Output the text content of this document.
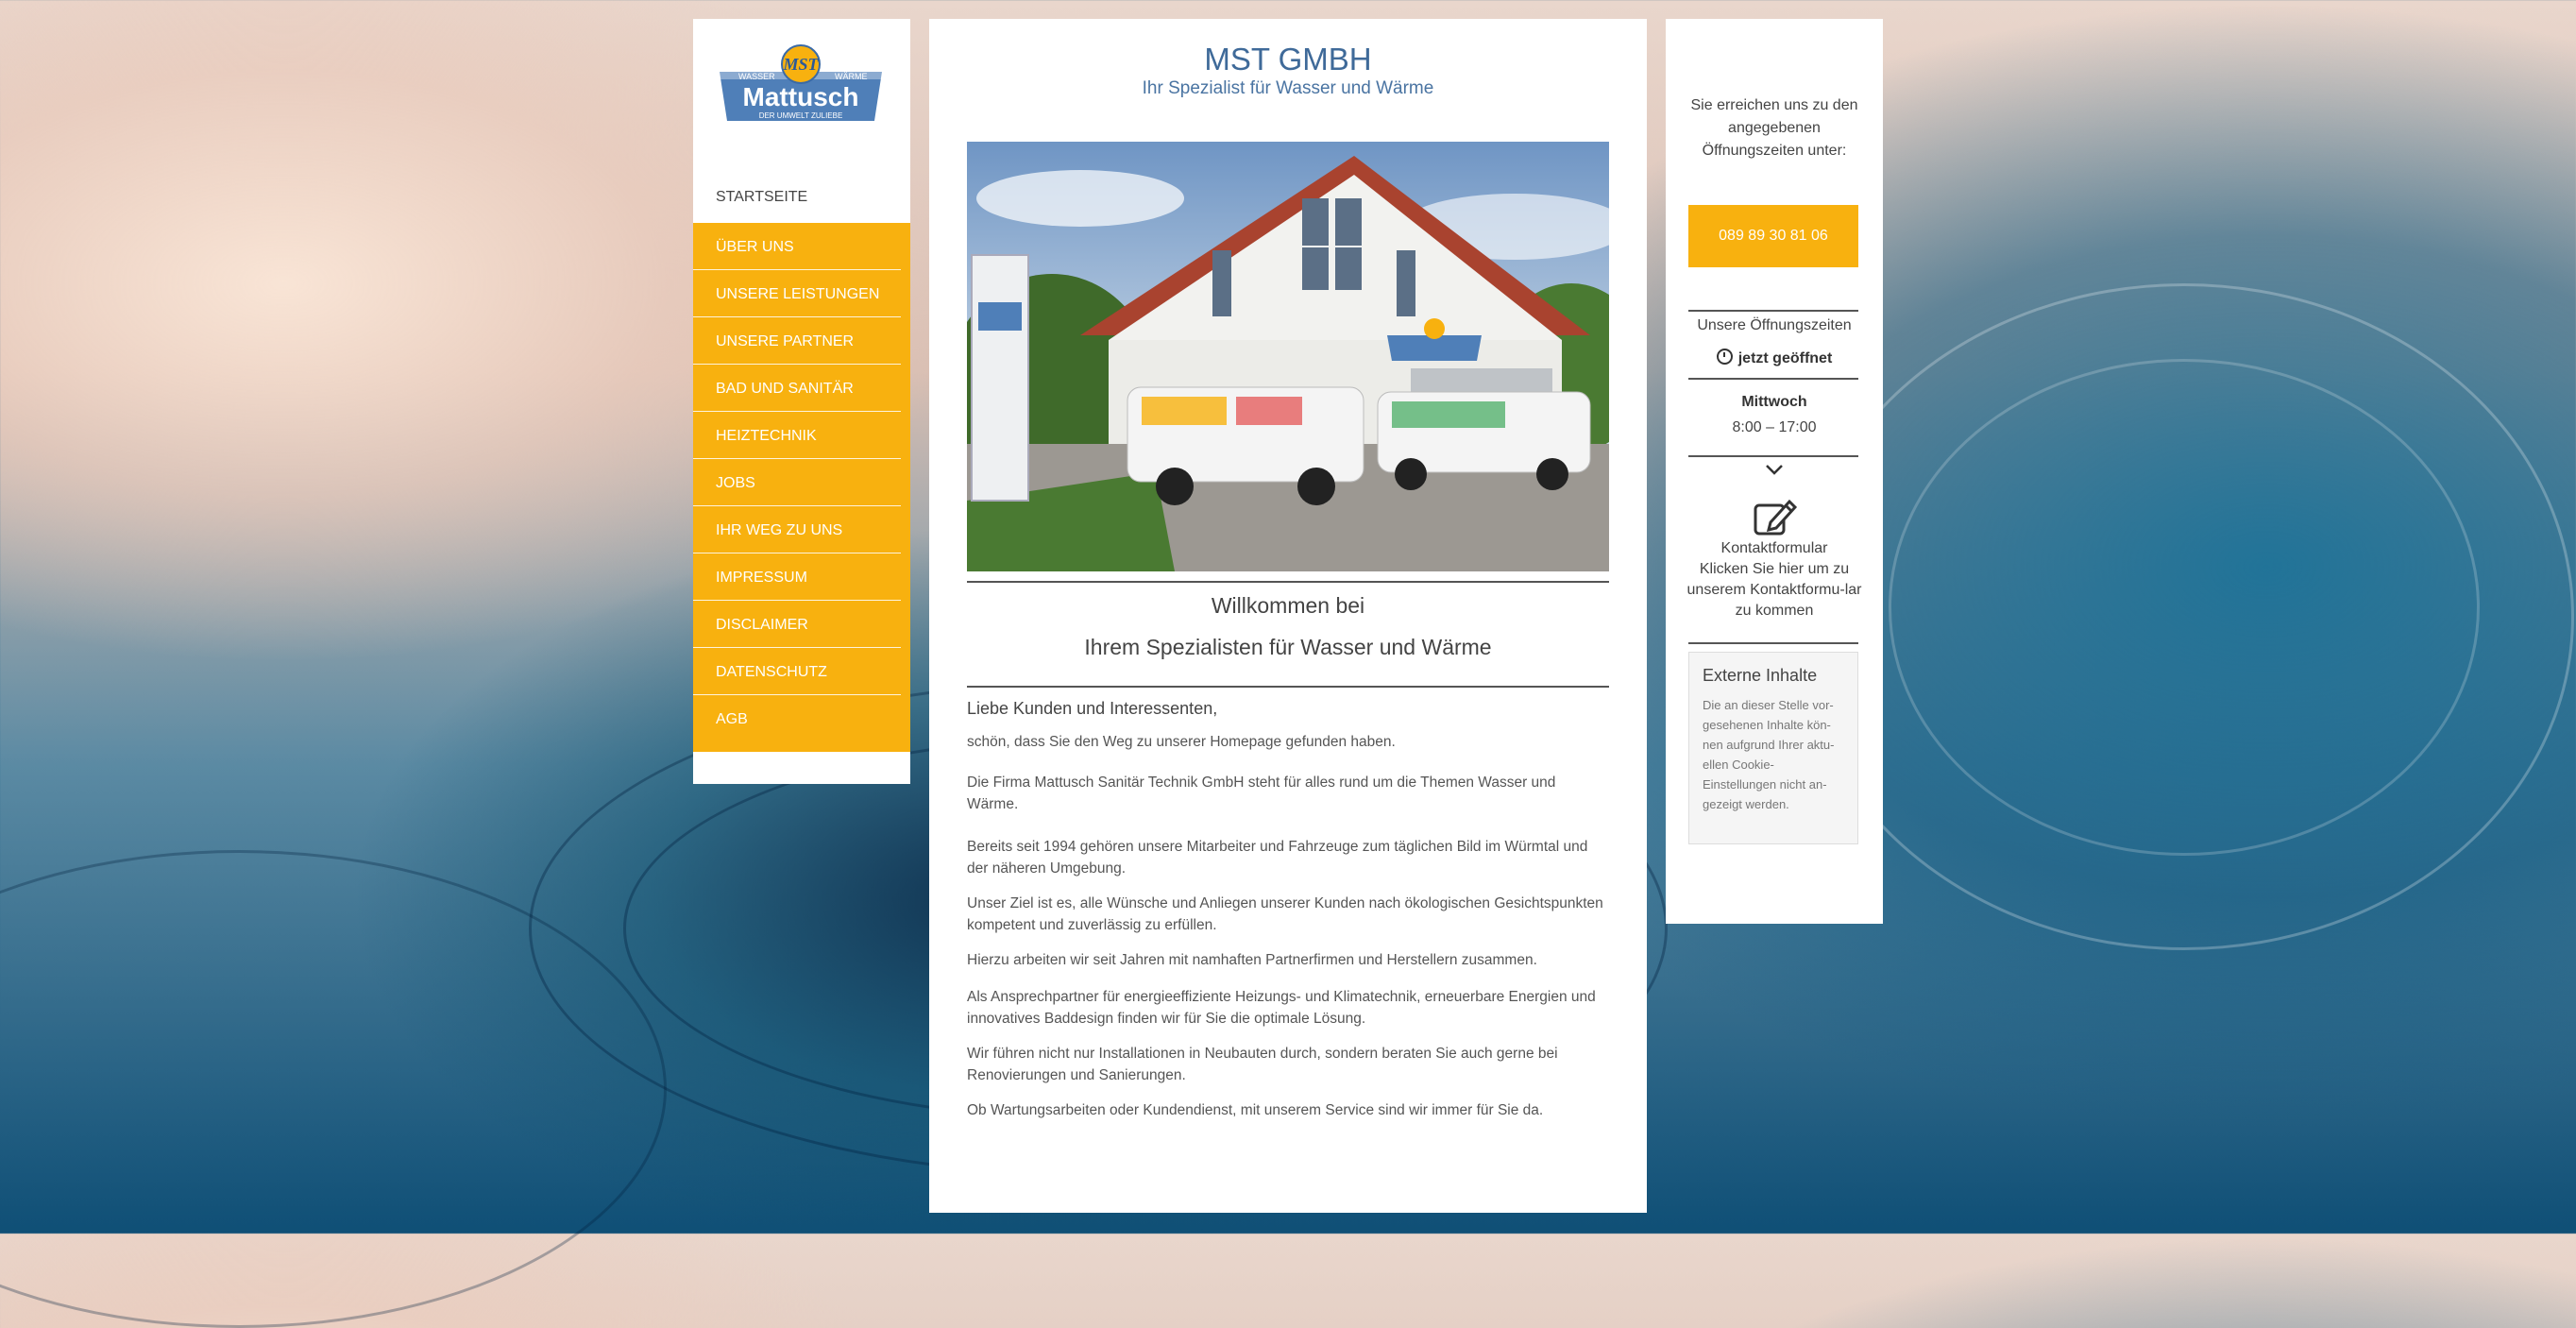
MST
WASSER	WÄRME
Mattusch
DER UMWELT ZULIEBE
STARTSEITE
ÜBER UNS
UNSERE LEISTUNGEN
UNSERE PARTNER
BAD UND SANITÄR
HEIZTECHNIK
JOBS
IHR WEG ZU UNS
IMPRESSUM
DISCLAIMER
DATENSCHUTZ
AGB
MST GMBH
Ihr Spezialist für Wasser und Wärme
Willkommen bei
Ihrem Spezialisten für Wasser und Wärme
Liebe Kunden und Interessenten,

schön, dass Sie den Weg zu unserer Homepage gefunden haben.

Die Firma Mattusch Sanitär Technik GmbH steht für alles rund um die Themen Wasser und Wärme.

Bereits seit 1994 gehören unsere Mitarbeiter und Fahrzeuge zum täglichen Bild im Würmtal und der näheren Umgebung.

Unser Ziel ist es, alle Wünsche und Anliegen unserer Kunden nach ökologischen Gesichtspunkten kompetent und zuverlässig zu erfüllen.

Hierzu arbeiten wir seit Jahren mit namhaften Partnerfirmen und Herstellern zusammen.

Als Ansprechpartner für energieeffiziente Heizungs- und Klimatechnik, erneuerbare Energien und innovatives Baddesign finden wir für Sie die optimale Lösung.

Wir führen nicht nur Installationen in Neubauten durch, sondern beraten Sie auch gerne bei Renovierungen und Sanierungen.

Ob Wartungsarbeiten oder Kundendienst, mit unserem Service sind wir immer für Sie da.

Sie erreichen uns zu den angegebenen Öffnungszeiten unter:
089 89 30 81 06
Unsere Öffnungszeiten
jetzt geöffnet
Mittwoch
8:00 – 17:00
Kontaktformular
Klicken Sie hier um zu unserem Kontaktformu-lar zu kommen
Externe Inhalte
Die an dieser Stelle vor-gesehenen Inhalte kön-nen aufgrund Ihrer aktu-ellen Cookie-Einstellungen nicht an-gezeigt werden.
